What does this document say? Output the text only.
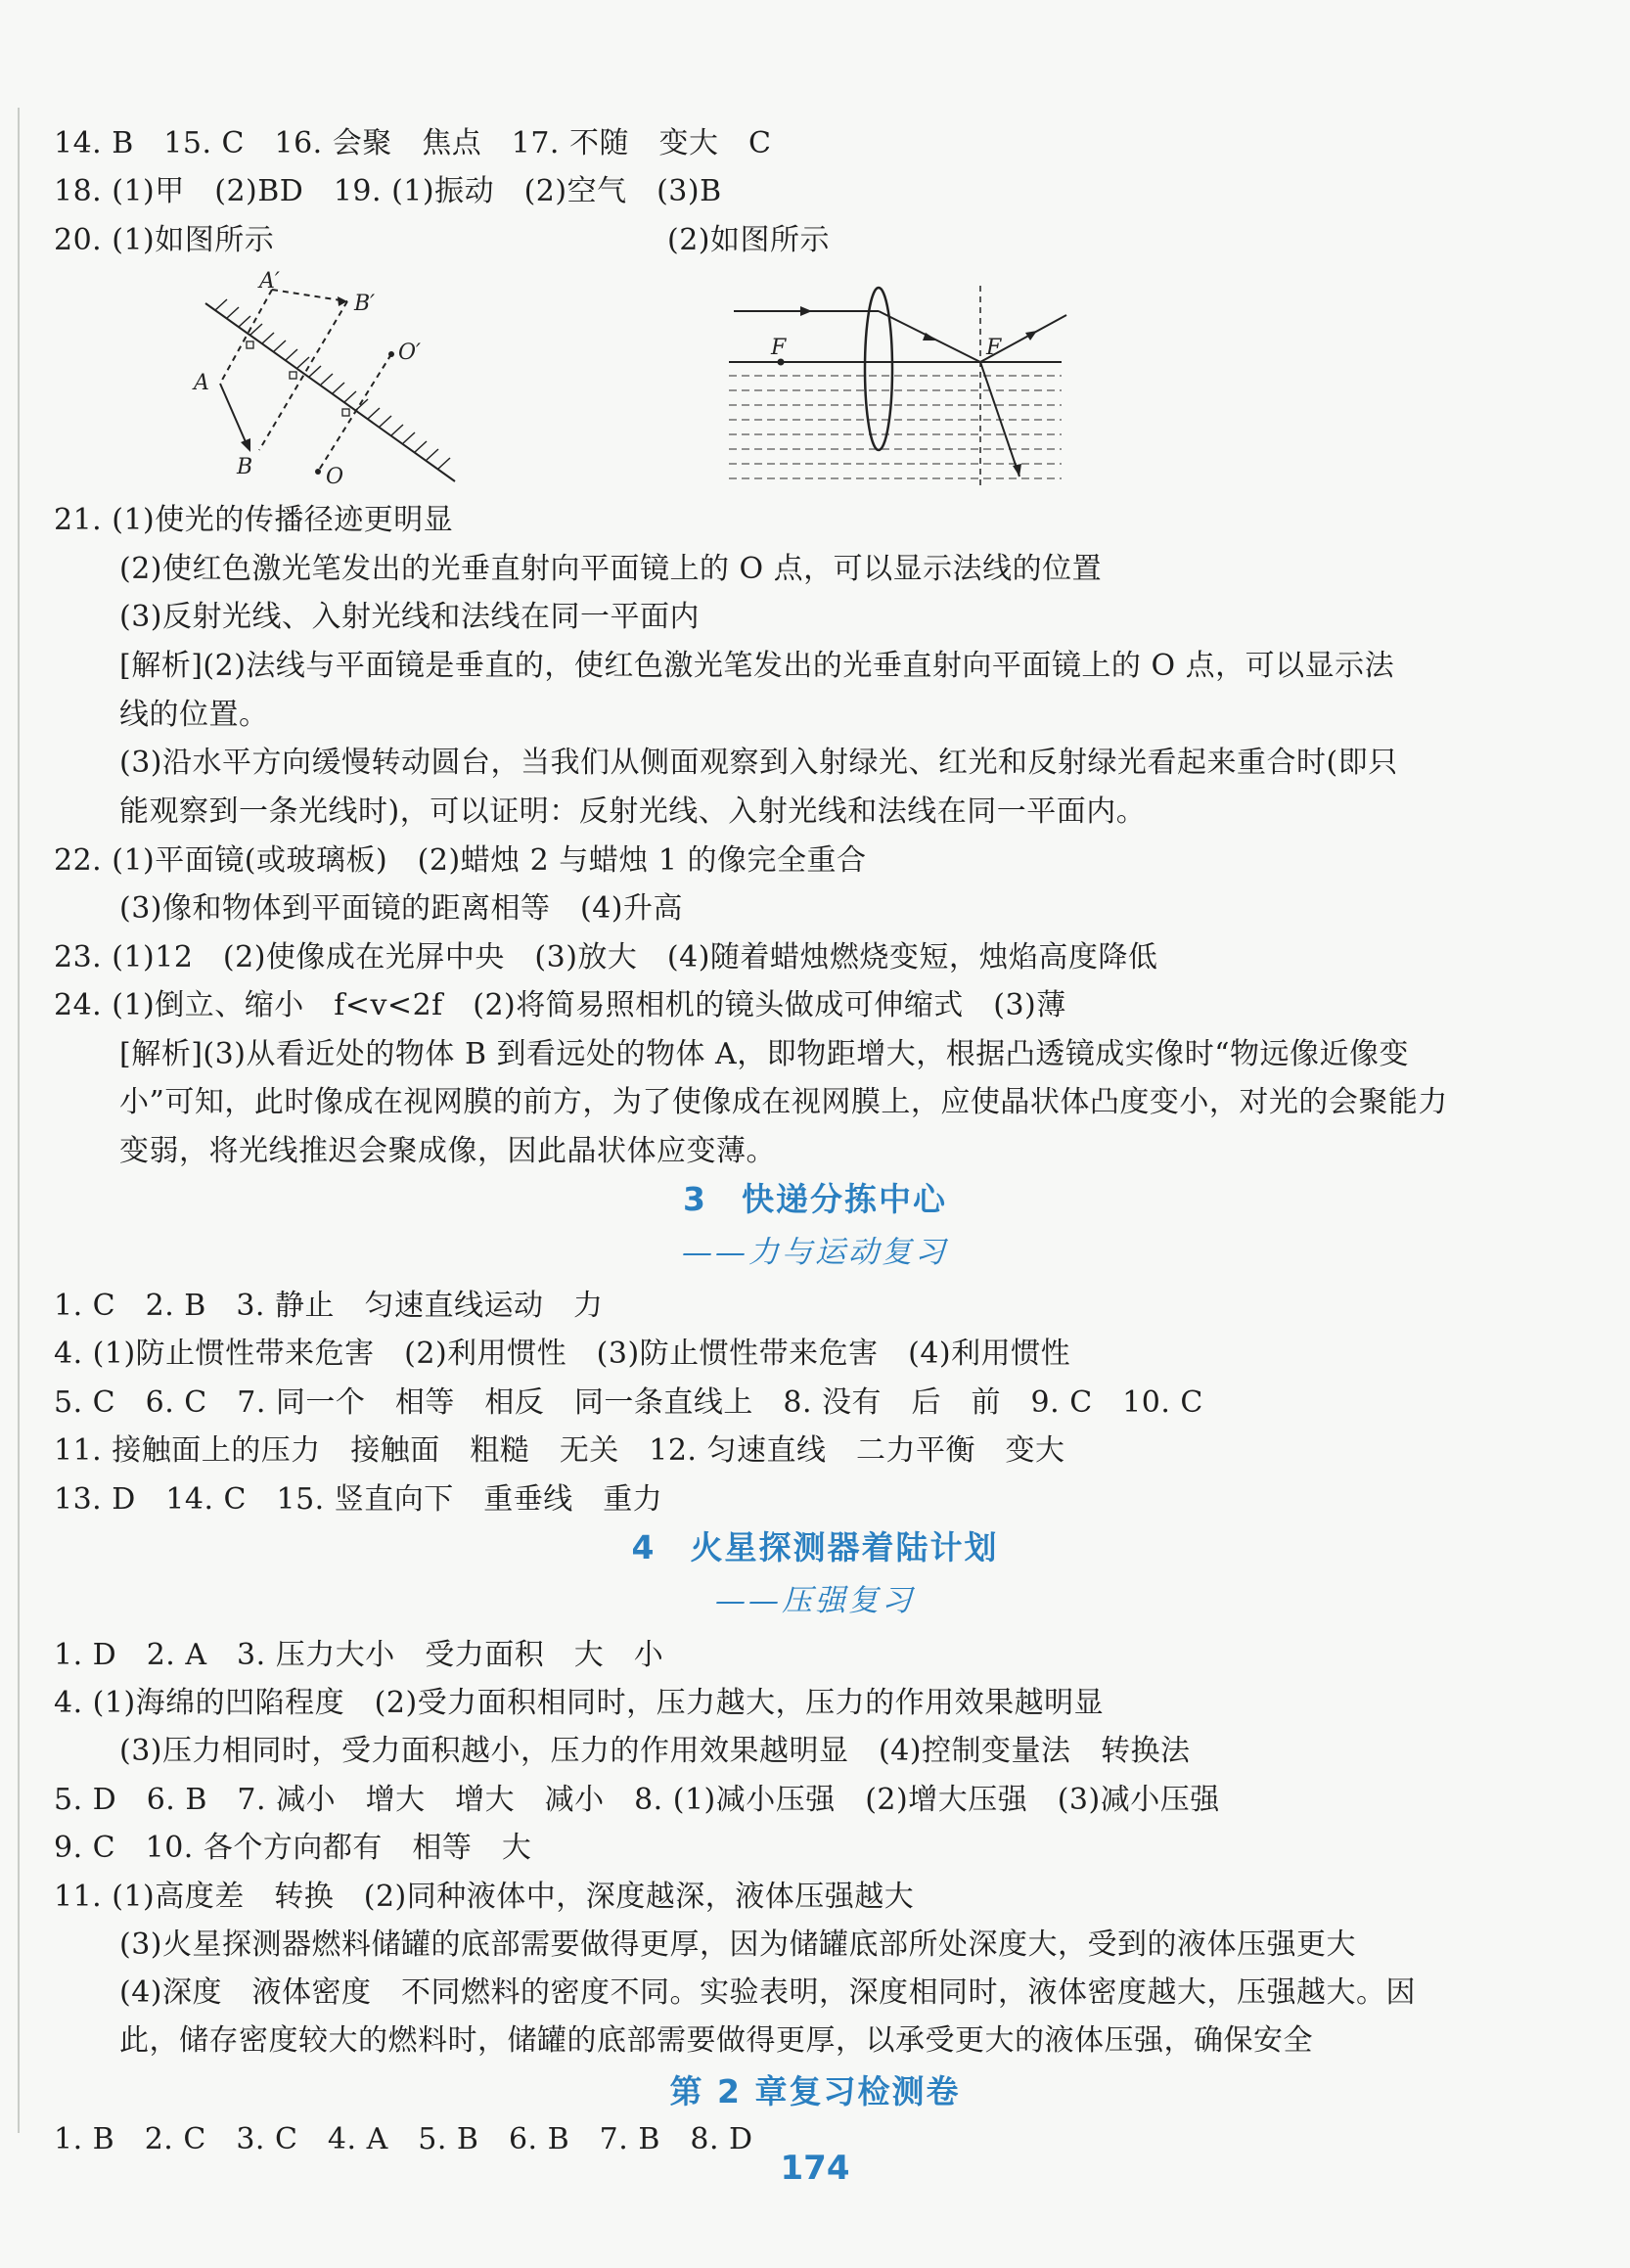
14. B　15. C　16. 会聚　焦点　17. 不随　变大　C
18. (1)甲　(2)BD　19. (1)振动　(2)空气　(3)B
20. (1)如图所示	(2)如图所示
A′
B′
A
B
O′
O
F	F
21. (1)使光的传播径迹更明显
(2)使红色激光笔发出的光垂直射向平面镜上的 O 点，可以显示法线的位置
(3)反射光线、入射光线和法线在同一平面内
[解析](2)法线与平面镜是垂直的，使红色激光笔发出的光垂直射向平面镜上的 O 点，可以显示法
线的位置。
(3)沿水平方向缓慢转动圆台，当我们从侧面观察到入射绿光、红光和反射绿光看起来重合时(即只
能观察到一条光线时)，可以证明：反射光线、入射光线和法线在同一平面内。
22. (1)平面镜(或玻璃板)　(2)蜡烛 2 与蜡烛 1 的像完全重合
(3)像和物体到平面镜的距离相等　(4)升高
23. (1)12　(2)使像成在光屏中央　(3)放大　(4)随着蜡烛燃烧变短，烛焰高度降低
24. (1)倒立、缩小　f<v<2f　(2)将简易照相机的镜头做成可伸缩式　(3)薄
[解析](3)从看近处的物体 B 到看远处的物体 A，即物距增大，根据凸透镜成实像时“物远像近像变
小”可知，此时像成在视网膜的前方，为了使像成在视网膜上，应使晶状体凸度变小，对光的会聚能力
变弱，将光线推迟会聚成像，因此晶状体应变薄。
3　快递分拣中心
——力与运动复习
1. C　2. B　3. 静止　匀速直线运动　力
4. (1)防止惯性带来危害　(2)利用惯性　(3)防止惯性带来危害　(4)利用惯性
5. C　6. C　7. 同一个　相等　相反　同一条直线上　8. 没有　后　前　9. C　10. C
11. 接触面上的压力　接触面　粗糙　无关　12. 匀速直线　二力平衡　变大
13. D　14. C　15. 竖直向下　重垂线　重力
4　火星探测器着陆计划
——压强复习
1. D　2. A　3. 压力大小　受力面积　大　小
4. (1)海绵的凹陷程度　(2)受力面积相同时，压力越大，压力的作用效果越明显
(3)压力相同时，受力面积越小，压力的作用效果越明显　(4)控制变量法　转换法
5. D　6. B　7. 减小　增大　增大　减小　8. (1)减小压强　(2)增大压强　(3)减小压强
9. C　10. 各个方向都有　相等　大
11. (1)高度差　转换　(2)同种液体中，深度越深，液体压强越大
(3)火星探测器燃料储罐的底部需要做得更厚，因为储罐底部所处深度大，受到的液体压强更大
(4)深度　液体密度　不同燃料的密度不同。实验表明，深度相同时，液体密度越大，压强越大。因
此，储存密度较大的燃料时，储罐的底部需要做得更厚，以承受更大的液体压强，确保安全
第 2 章复习检测卷
1. B　2. C　3. C　4. A　5. B　6. B　7. B　8. D
174
